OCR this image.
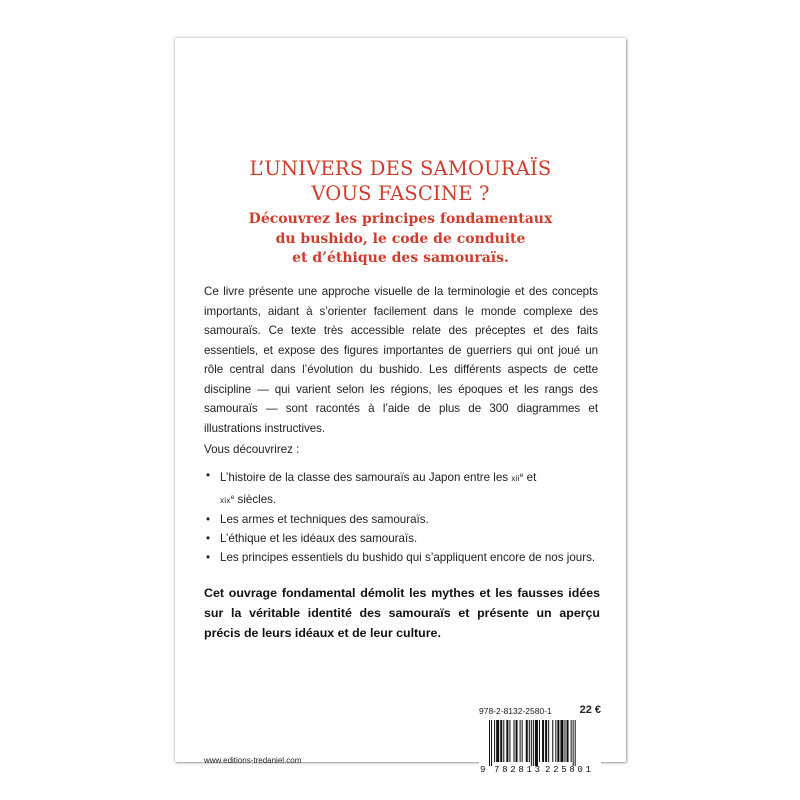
L’UNIVERS DES SAMOURAÏS
VOUS FASCINE ?
Découvrez les principes fondamentaux
du bushido, le code de conduite
et d’éthique des samouraïs.
Ce livre présente une approche visuelle de la terminologie et des concepts importants, aidant à s’orienter facilement dans le monde complexe des samouraïs. Ce texte très accessible relate des préceptes et des faits essentiels, et expose des figures importantes de guerriers qui ont joué un rôle central dans l’évolution du bushido. Les différents aspects de cette discipline — qui varient selon les régions, les époques et les rangs des samouraïs — sont racontés à l’aide de plus de 300 diagrammes et illustrations instructives.
Vous découvrirez :
• L’histoire de la classe des samouraïs au Japon entre les xii$^e$ et
xix$^e$ siècles.
• Les armes et techniques des samouraïs.
• L’éthique et les idéaux des samouraïs.
• Les principes essentiels du bushido qui s’appliquent encore de nos jours.
Cet ouvrage fondamental démolit les mythes et les fausses idées sur la véritable identité des samouraïs et présente un aperçu précis de leurs idéaux et de leur culture.
978-2-8132-2580-1	22 €
9 782813 225801
www.editions-tredaniel.com
